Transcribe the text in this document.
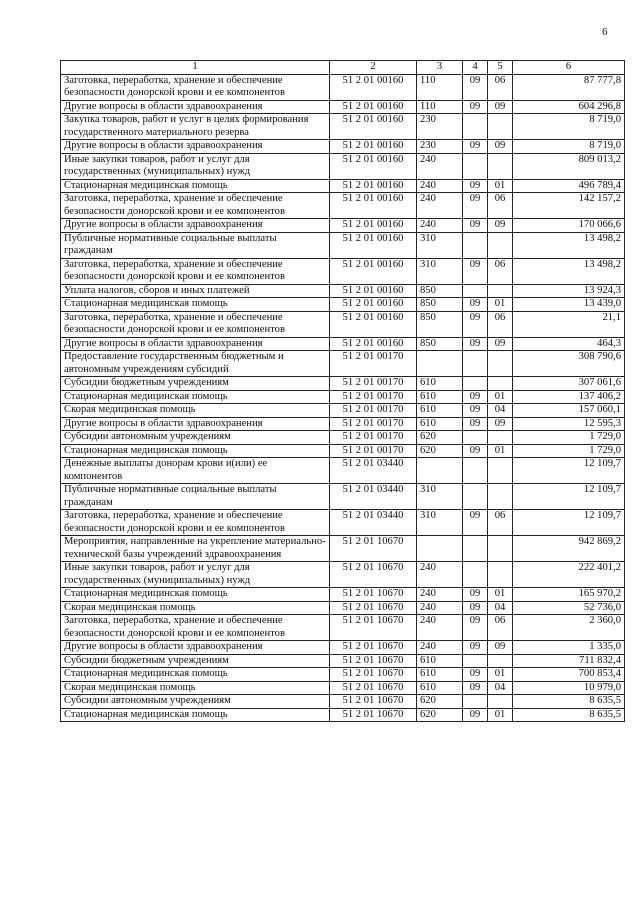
6
1	2	3	4	5	6
Заготовка, переработка, хранение и обеспечение безопасности донорской крови и ее компонентов	51 2 01 00160	110	09	06	87 777,8
Другие вопросы в области здравоохранения	51 2 01 00160	110	09	09	604 296,8
Закупка товаров, работ и услуг в целях формирования государственного материального резерва	51 2 01 00160	230			8 719,0
Другие вопросы в области здравоохранения	51 2 01 00160	230	09	09	8 719,0
Иные закупки товаров, работ и услуг для государственных (муниципальных) нужд	51 2 01 00160	240			809 013,2
Стационарная медицинская помощь	51 2 01 00160	240	09	01	496 789,4
Заготовка, переработка, хранение и обеспечение безопасности донорской крови и ее компонентов	51 2 01 00160	240	09	06	142 157,2
Другие вопросы в области здравоохранения	51 2 01 00160	240	09	09	170 066,6
Публичные нормативные социальные выплаты гражданам	51 2 01 00160	310			13 498,2
Заготовка, переработка, хранение и обеспечение безопасности донорской крови и ее компонентов	51 2 01 00160	310	09	06	13 498,2
Уплата налогов, сборов и иных платежей	51 2 01 00160	850			13 924,3
Стационарная медицинская помощь	51 2 01 00160	850	09	01	13 439,0
Заготовка, переработка, хранение и обеспечение безопасности донорской крови и ее компонентов	51 2 01 00160	850	09	06	21,1
Другие вопросы в области здравоохранения	51 2 01 00160	850	09	09	464,3
Предоставление государственным бюджетным и автономным учреждениям субсидий	51 2 01 00170				308 790,6
Субсидии бюджетным учреждениям	51 2 01 00170	610			307 061,6
Стационарная медицинская помощь	51 2 01 00170	610	09	01	137 406,2
Скорая медицинская помощь	51 2 01 00170	610	09	04	157 060,1
Другие вопросы в области здравоохранения	51 2 01 00170	610	09	09	12 595,3
Субсидии автономным учреждениям	51 2 01 00170	620			1 729,0
Стационарная медицинская помощь	51 2 01 00170	620	09	01	1 729,0
Денежные выплаты донорам крови и(или) ее компонентов	51 2 01 03440				12 109,7
Публичные нормативные социальные выплаты гражданам	51 2 01 03440	310			12 109,7
Заготовка, переработка, хранение и обеспечение безопасности донорской крови и ее компонентов	51 2 01 03440	310	09	06	12 109,7
Мероприятия, направленные на укрепление материально-технической базы учреждений здравоохранения	51 2 01 10670				942 869,2
Иные закупки товаров, работ и услуг для государственных (муниципальных) нужд	51 2 01 10670	240			222 401,2
Стационарная медицинская помощь	51 2 01 10670	240	09	01	165 970,2
Скорая медицинская помощь	51 2 01 10670	240	09	04	52 736,0
Заготовка, переработка, хранение и обеспечение безопасности донорской крови и ее компонентов	51 2 01 10670	240	09	06	2 360,0
Другие вопросы в области здравоохранения	51 2 01 10670	240	09	09	1 335,0
Субсидии бюджетным учреждениям	51 2 01 10670	610			711 832,4
Стационарная медицинская помощь	51 2 01 10670	610	09	01	700 853,4
Скорая медицинская помощь	51 2 01 10670	610	09	04	10 979,0
Субсидии автономным учреждениям	51 2 01 10670	620			8 635,5
Стационарная медицинская помощь	51 2 01 10670	620	09	01	8 635,5
